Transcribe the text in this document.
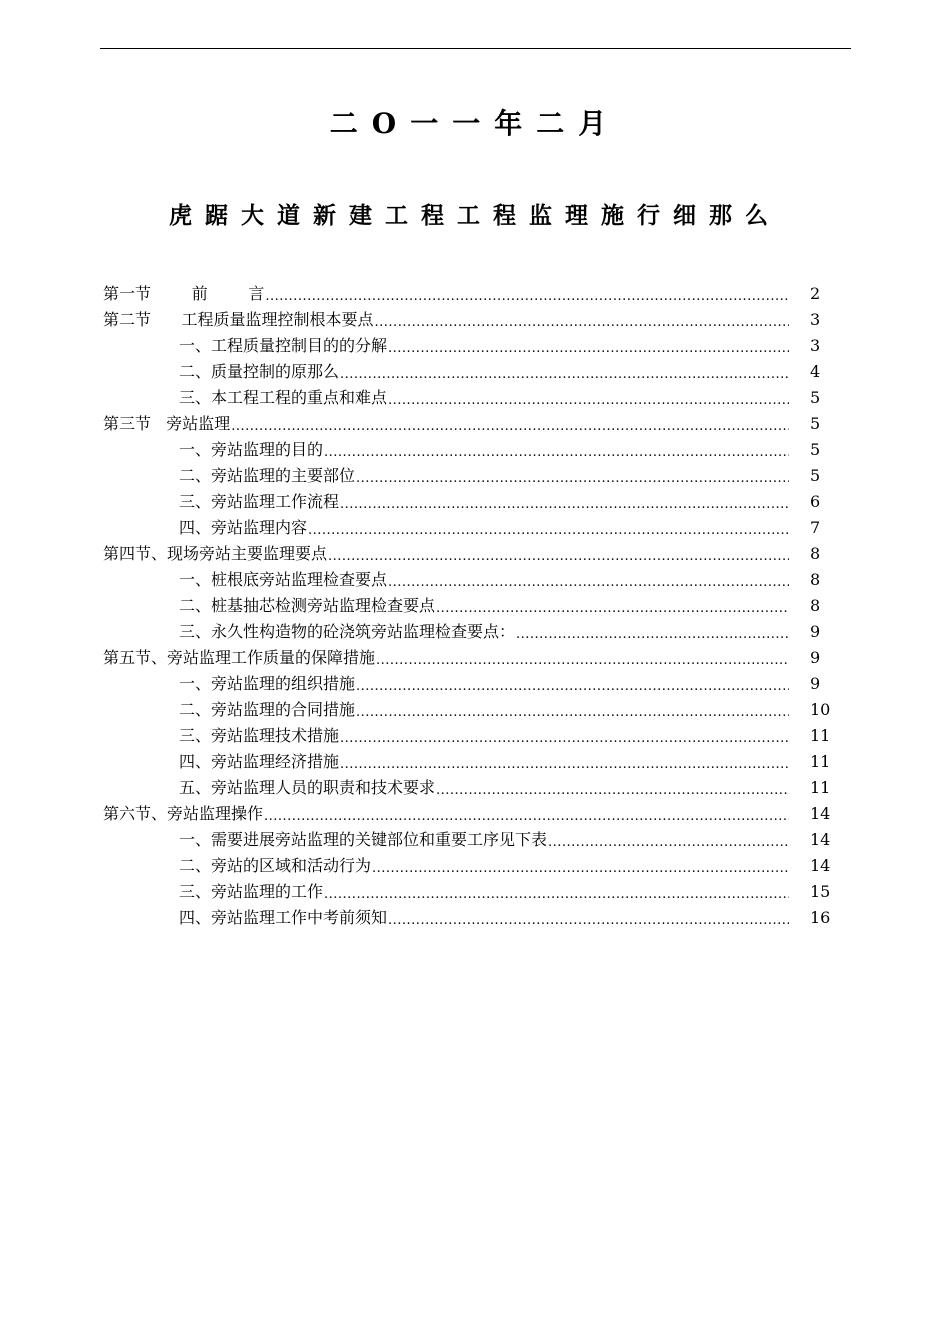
二O一一年二月
虎踞大道新建工程工程监理施行细那么
第一节        前        言 .....	2
第二节      工程质量监理控制根本要点 .....	3
一、工程质量控制目的的分解 .....	3
二、质量控制的原那么 .....	4
三、本工程工程的重点和难点 .....	5
第三节   旁站监理 .....	5
一、旁站监理的目的 .....	5
二、旁站监理的主要部位 .....	5
三、旁站监理工作流程 .....	6
四、旁站监理内容 .....	7
第四节、现场旁站主要监理要点 .....	8
一、桩根底旁站监理检查要点 .....	8
二、桩基抽芯检测旁站监理检查要点 .....	8
三、永久性构造物的砼浇筑旁站监理检查要点： .....	9
第五节、旁站监理工作质量的保障措施 .....	9
一、旁站监理的组织措施 .....	9
二、旁站监理的合同措施 .....	10
三、旁站监理技术措施 .....	11
四、旁站监理经济措施 .....	11
五、旁站监理人员的职责和技术要求 .....	11
第六节、旁站监理操作 .....	14
一、需要进展旁站监理的关键部位和重要工序见下表 .....	14
二、旁站的区域和活动行为 .....	14
三、旁站监理的工作 .....	15
四、旁站监理工作中考前须知 .....	16
